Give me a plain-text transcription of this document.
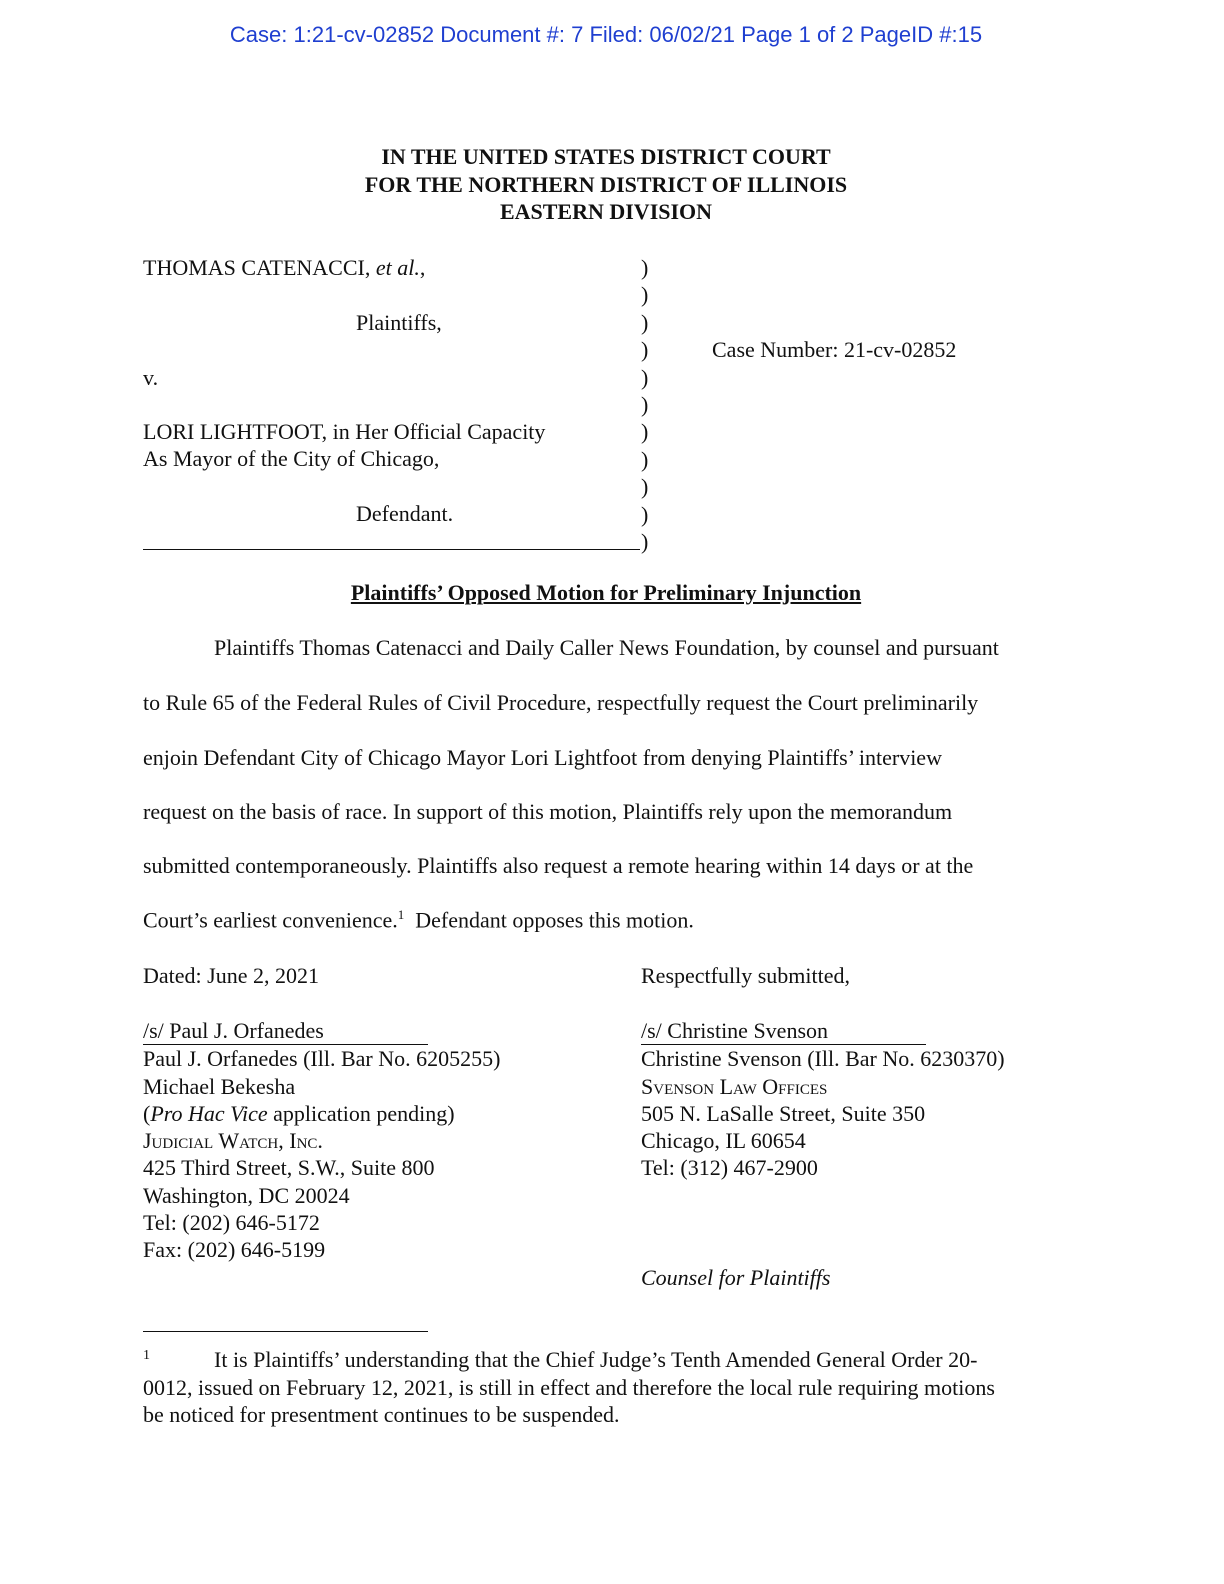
Case: 1:21-cv-02852 Document #: 7 Filed: 06/02/21 Page 1 of 2 PageID #:15
IN THE UNITED STATES DISTRICT COURT
FOR THE NORTHERN DISTRICT OF ILLINOIS
EASTERN DIVISION
THOMAS CATENACCI, et al.,
Plaintiffs,
v.
LORI LIGHTFOOT, in Her Official Capacity
As Mayor of the City of Chicago,
Defendant.
)
)
)
)
)
)
)
)
)
)
)
Case Number: 21-cv-02852
Plaintiffs’ Opposed Motion for Preliminary Injunction
Plaintiffs Thomas Catenacci and Daily Caller News Foundation, by counsel and pursuant
to Rule 65 of the Federal Rules of Civil Procedure, respectfully request the Court preliminarily
enjoin Defendant City of Chicago Mayor Lori Lightfoot from denying Plaintiffs’ interview
request on the basis of race. In support of this motion, Plaintiffs rely upon the memorandum
submitted contemporaneously. Plaintiffs also request a remote hearing within 14 days or at the
Court’s earliest convenience.$^1$  Defendant opposes this motion.
Dated: June 2, 2021	Respectfully submitted,
/s/ Paul J. Orfanedes
Paul J. Orfanedes (Ill. Bar No. 6205255)
Michael Bekesha
(Pro Hac Vice application pending)
Judicial Watch, Inc.
425 Third Street, S.W., Suite 800
Washington, DC 20024
Tel: (202) 646-5172
Fax: (202) 646-5199
/s/ Christine Svenson
Christine Svenson (Ill. Bar No. 6230370)
Svenson Law Offices
505 N. LaSalle Street, Suite 350
Chicago, IL 60654
Tel: (312) 467-2900
Counsel for Plaintiffs
1	It is Plaintiffs’ understanding that the Chief Judge’s Tenth Amended General Order 20-
0012, issued on February 12, 2021, is still in effect and therefore the local rule requiring motions
be noticed for presentment continues to be suspended.
